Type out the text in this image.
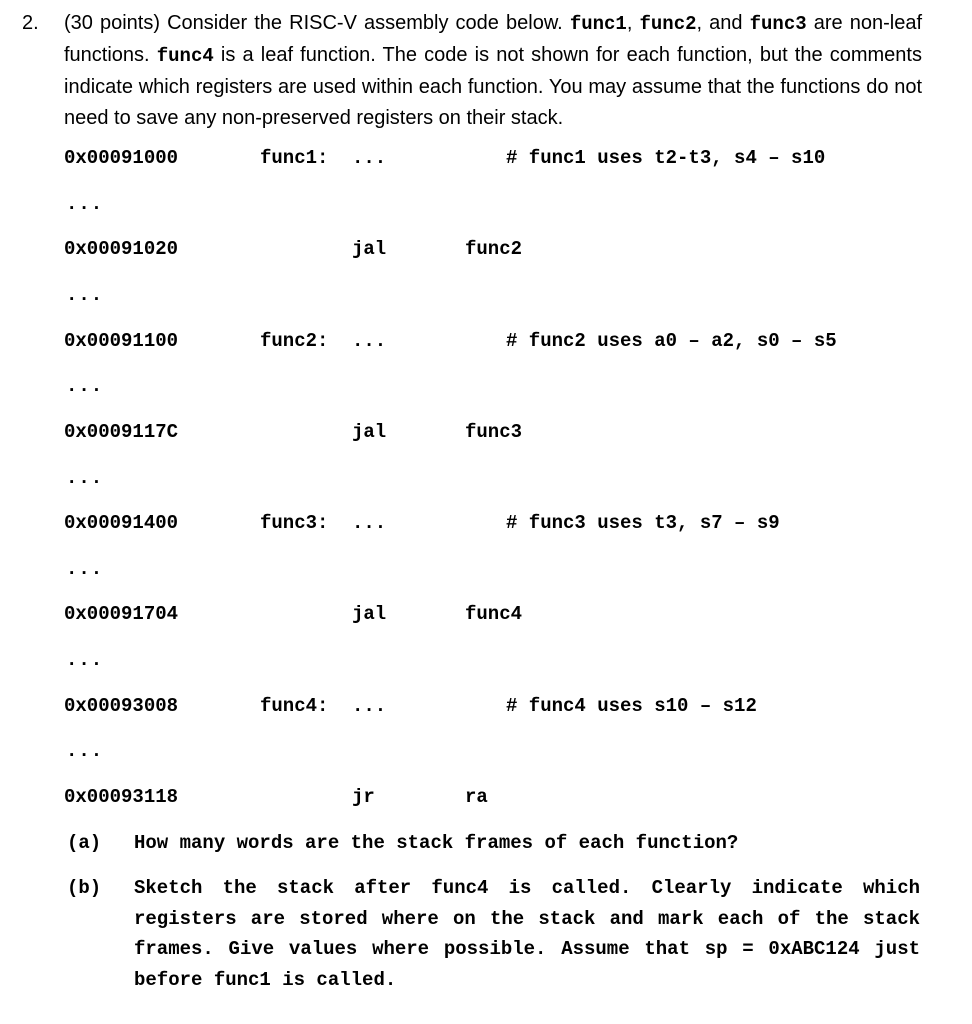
2. (30 points) Consider the RISC-V assembly code below. func1, func2, and func3 are non-leaf functions. func4 is a leaf function. The code is not shown for each function, but the comments indicate which registers are used within each function. You may assume that the functions do not need to save any non-preserved registers on their stack.

0x00091000	func1: ...	# func1 uses t2-t3, s4 – s10
...
0x00091020	jal	func2
...
0x00091100	func2: ...	# func2 uses a0 – a2, s0 – s5
...
0x0009117C	jal	func3
...
0x00091400	func3: ...	# func3 uses t3, s7 – s9
...
0x00091704	jal	func4
...
0x00093008	func4: ...	# func4 uses s10 – s12
...
0x00093118	jr	ra
(a) How many words are the stack frames of each function?

(b) Sketch the stack after func4 is called. Clearly indicate which registers are stored where on the stack and mark each of the stack frames. Give values where possible. Assume that sp = 0xABC124 just before func1 is called.
